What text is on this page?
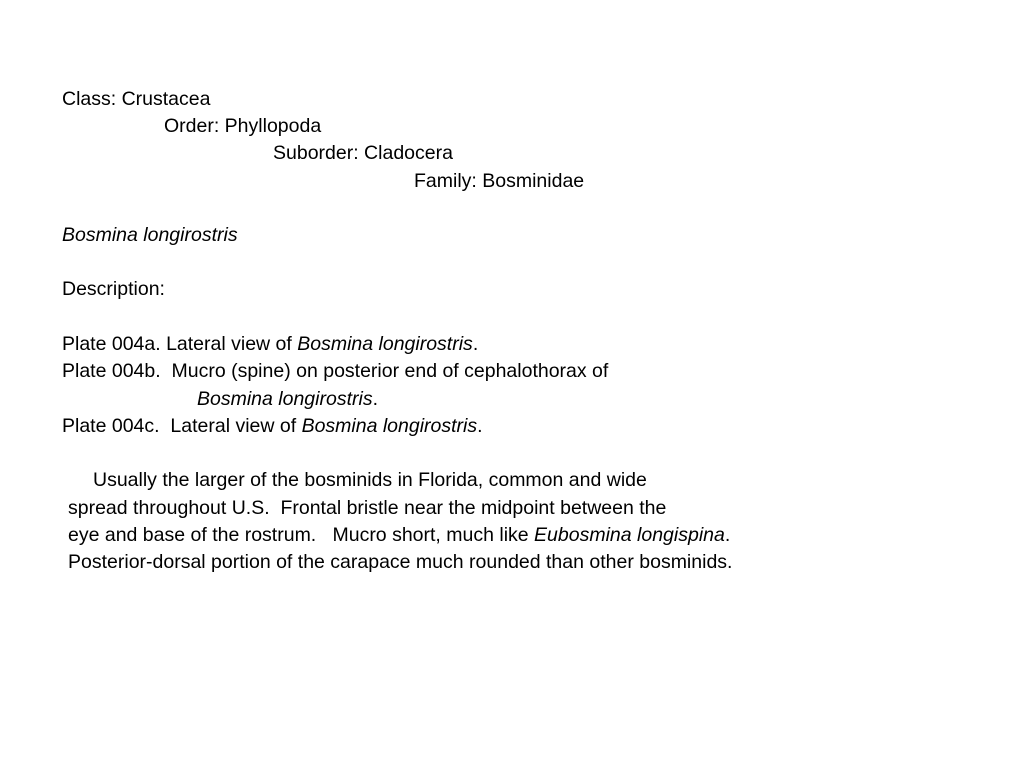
Class: Crustacea
Order: Phyllopoda
Suborder: Cladocera
Family: Bosminidae
Bosmina longirostris
Description:
Plate 004a. Lateral view of Bosmina longirostris.
Plate 004b.  Mucro (spine) on posterior end of cephalothorax of
Bosmina longirostris.
Plate 004c.  Lateral view of Bosmina longirostris.
Usually the larger of the bosminids in Florida, common and wide
spread throughout U.S.  Frontal bristle near the midpoint between the
eye and base of the rostrum.   Mucro short, much like Eubosmina longispina.
Posterior-dorsal portion of the carapace much rounded than other bosminids.
